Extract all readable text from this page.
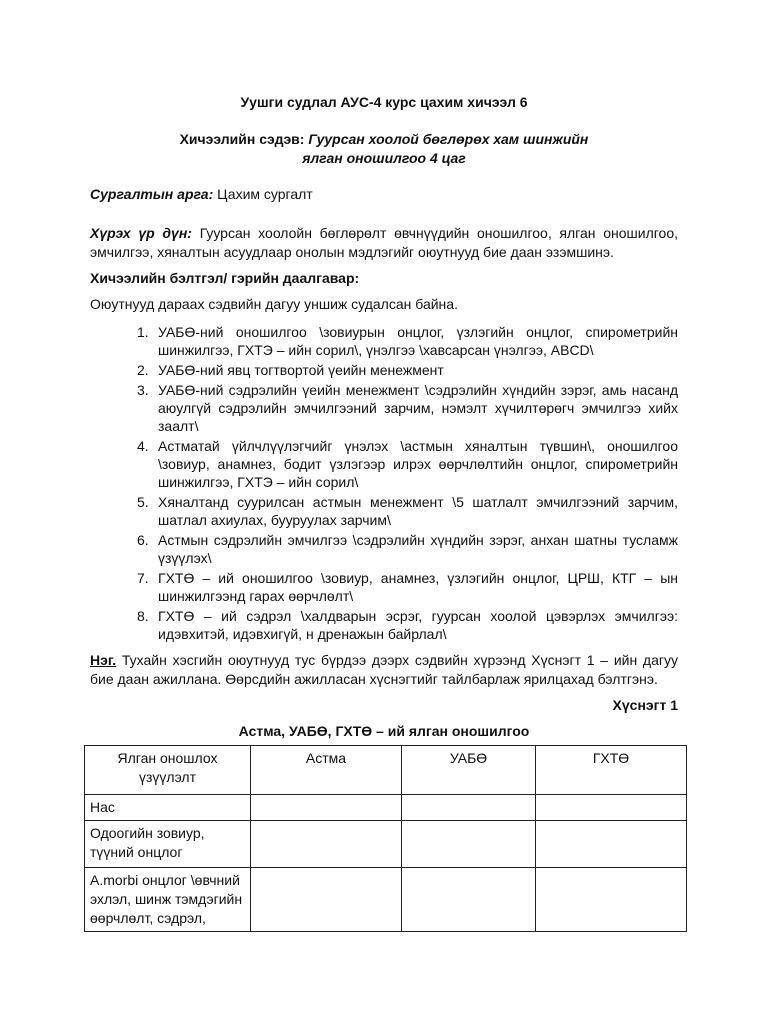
Уушги судлал АУС-4 курс цахим хичээл 6
Хичээлийн сэдэв: Гуурсан хоолой бөглөрөх хам шинжийн
ялган оношилгоо 4 цаг
Сургалтын арга: Цахим сургалт
Хүрэх үр дүн: Гуурсан хоолойн бөглөрөлт өвчнүүдийн оношилгоо, ялган оношилгоо, эмчилгээ, хяналтын асуудлаар онолын мэдлэгийг оюутнууд бие даан эзэмшинэ.
Хичээлийн бэлтгэл/ гэрийн даалгавар:
Оюутнууд дараах сэдвийн дагуу уншиж судалсан байна.
1. УАБӨ-ний оношилгоо \зовиурын онцлог, үзлэгийн онцлог, спирометрийн шинжилгээ, ГХТЭ – ийн сорил\, үнэлгээ \хавсарсан үнэлгээ, ABCD\
2. УАБӨ-ний явц тогтвортой үеийн менежмент
3. УАБӨ-ний сэдрэлийн үеийн менежмент \сэдрэлийн хүндийн зэрэг, амь насанд аюулгүй сэдрэлийн эмчилгээний зарчим, нэмэлт хүчилтөрөгч эмчилгээ хийх заалт\
4. Астматай үйлчлүүлэгчийг үнэлэх \астмын хяналтын түвшин\, оношилгоо \зовиур, анамнез, бодит үзлэгээр илрэх өөрчлөлтийн онцлог, спирометрийн шинжилгээ, ГХТЭ – ийн сорил\
5. Хяналтанд суурилсан астмын менежмент \5 шатлалт эмчилгээний зарчим, шатлал ахиулах, бууруулах зарчим\
6. Астмын сэдрэлийн эмчилгээ \сэдрэлийн хүндийн зэрэг, анхан шатны тусламж үзүүлэх\
7. ГХТӨ – ий оношилгоо \зовиур, анамнез, үзлэгийн онцлог, ЦРШ, КТГ – ын шинжилгээнд гарах өөрчлөлт\
8. ГХТӨ – ий сэдрэл \халдварын эсрэг, гуурсан хоолой цэвэрлэх эмчилгээ: идэвхитэй, идэвхигүй, н дренажын байрлал\
Нэг. Тухайн хэсгийн оюутнууд тус бүрдээ дээрх сэдвийн хүрээнд Хүснэгт 1 – ийн дагуу бие даан ажиллана. Өөрсдийн ажилласан хүснэгтийг тайлбарлаж ярилцахад бэлтгэнэ.
Хүснэгт 1
Астма, УАБӨ, ГХТӨ – ий ялган оношилгоо
Ялган оношлох үзүүлэлт	Астма	УАБӨ	ГХТӨ
Нас			
Одоогийн зовиур, түүний онцлог			
A.morbi онцлог \өвчний эхлэл, шинж тэмдэгийн өөрчлөлт, сэдрэл,			
